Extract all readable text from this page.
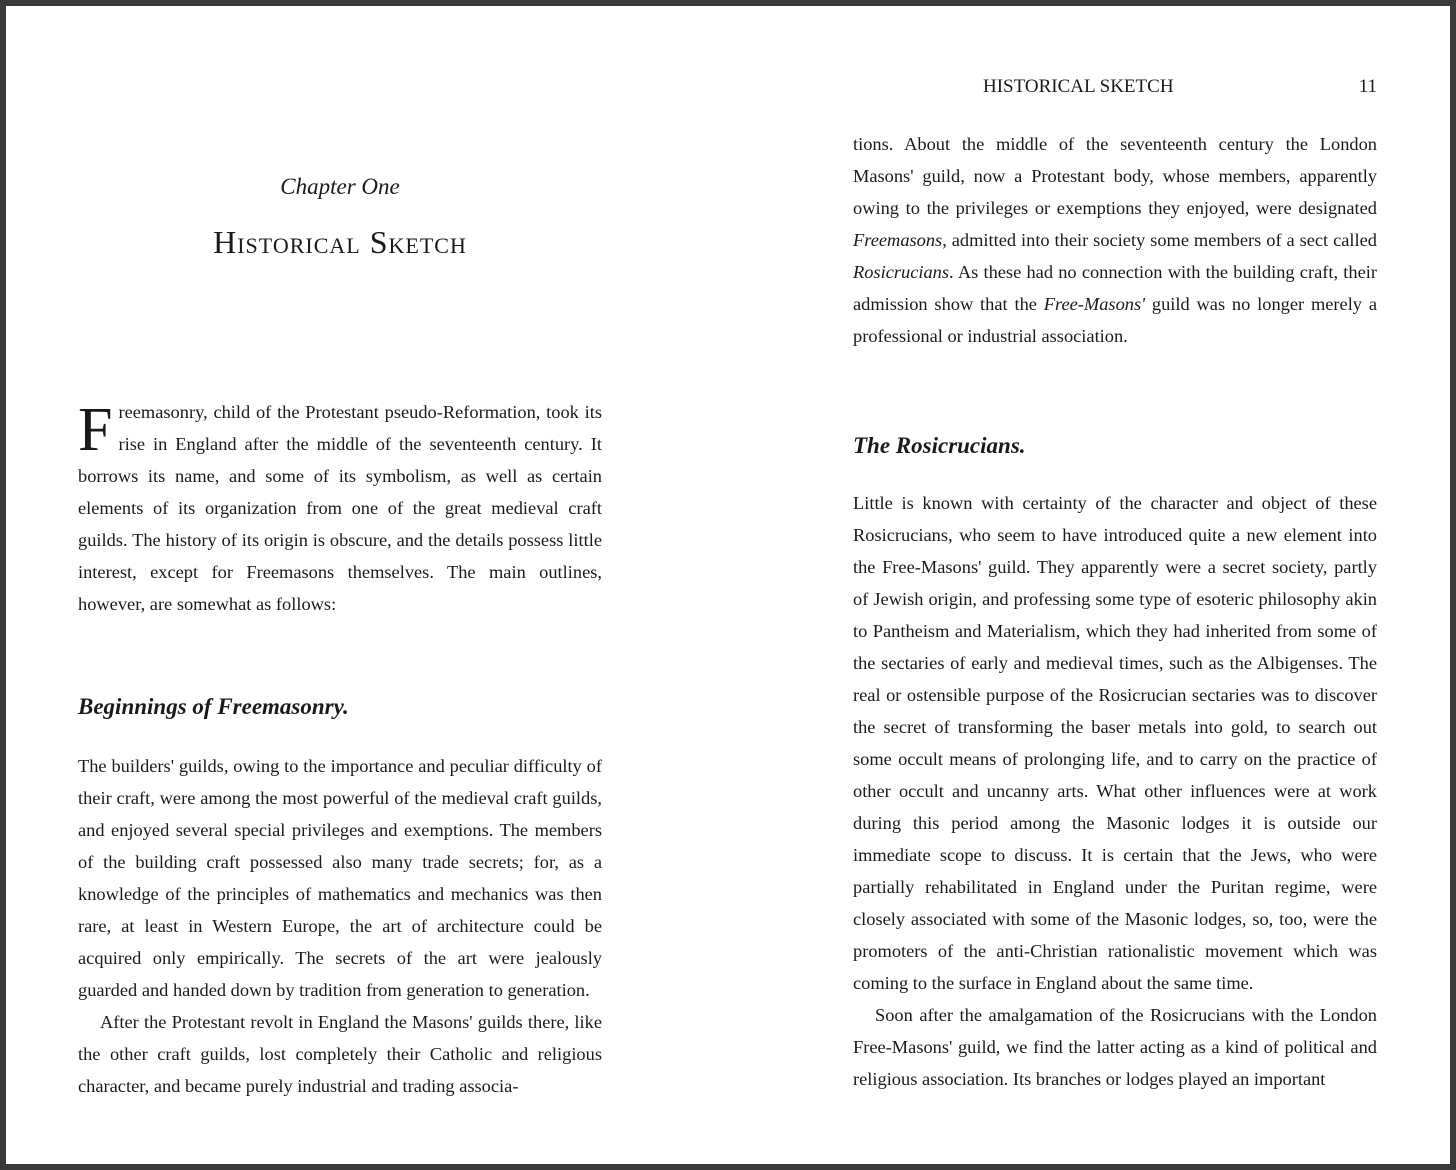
Chapter One
Historical Sketch

Freemasonry, child of the Protestant pseudo-Reformation, took its rise in England after the middle of the seventeenth century. It borrows its name, and some of its symbolism, as well as certain elements of its organization from one of the great medieval craft guilds. The history of its origin is obscure, and the details possess little interest, except for Freemasons themselves. The main outlines, however, are somewhat as follows:

Beginnings of Freemasonry.

The builders' guilds, owing to the importance and peculiar difficulty of their craft, were among the most powerful of the medieval craft guilds, and enjoyed several special privileges and exemptions. The members of the building craft possessed also many trade secrets; for, as a knowledge of the principles of mathematics and mechanics was then rare, at least in Western Europe, the art of architecture could be acquired only empirically. The secrets of the art were jealously guarded and handed down by tradition from generation to generation.

After the Protestant revolt in England the Masons' guilds there, like the other craft guilds, lost completely their Catholic and religious character, and became purely industrial and trading associa-

HISTORICAL SKETCH	11

tions. About the middle of the seventeenth century the London Masons' guild, now a Protestant body, whose members, apparently owing to the privileges or exemptions they enjoyed, were designated Freemasons, admitted into their society some members of a sect called Rosicrucians. As these had no connection with the building craft, their admission show that the Free-Masons' guild was no longer merely a professional or industrial association.

The Rosicrucians.

Little is known with certainty of the character and object of these Rosicrucians, who seem to have introduced quite a new element into the Free-Masons' guild. They apparently were a secret society, partly of Jewish origin, and professing some type of esoteric philosophy akin to Pantheism and Materialism, which they had inherited from some of the sectaries of early and medieval times, such as the Albigenses. The real or ostensible purpose of the Rosicrucian sectaries was to discover the secret of transforming the baser metals into gold, to search out some occult means of prolonging life, and to carry on the practice of other occult and uncanny arts. What other influences were at work during this period among the Masonic lodges it is outside our immediate scope to discuss. It is certain that the Jews, who were partially rehabilitated in England under the Puritan regime, were closely associated with some of the Masonic lodges, so, too, were the promoters of the anti-Christian rationalistic movement which was coming to the surface in England about the same time.

Soon after the amalgamation of the Rosicrucians with the London Free-Masons' guild, we find the latter acting as a kind of political and religious association. Its branches or lodges played an important
